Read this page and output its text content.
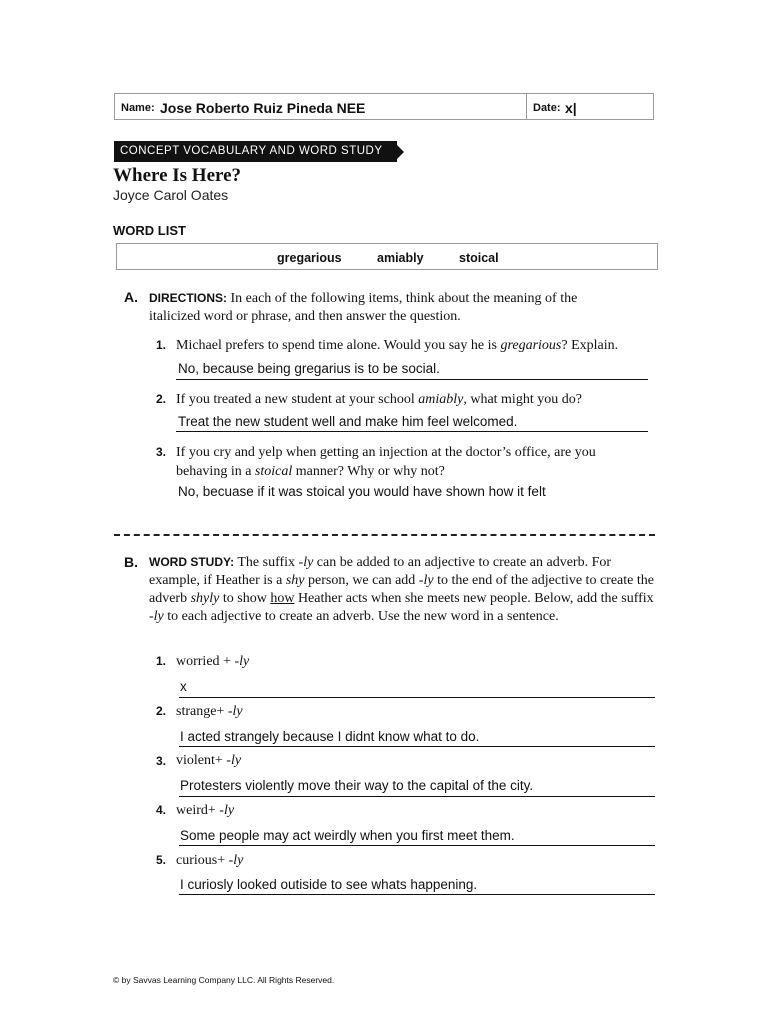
Name: Jose Roberto Ruiz Pineda NEE	Date: x|
CONCEPT VOCABULARY AND WORD STUDY
Where Is Here?
Joyce Carol Oates
WORD LIST
gregarious	amiably	stoical
A. DIRECTIONS: In each of the following items, think about the meaning of the italicized word or phrase, and then answer the question.
1. Michael prefers to spend time alone. Would you say he is gregarious? Explain.
No, because being gregarius is to be social.
2. If you treated a new student at your school amiably, what might you do?
Treat the new student well and make him feel welcomed.
3. If you cry and yelp when getting an injection at the doctor’s office, are you behaving in a stoical manner? Why or why not?
No, becuase if it was stoical you would have shown how it felt
B. WORD STUDY: The suffix -ly can be added to an adjective to create an adverb. For example, if Heather is a shy person, we can add -ly to the end of the adjective to create the adverb shyly to show how Heather acts when she meets new people. Below, add the suffix -ly to each adjective to create an adverb. Use the new word in a sentence.
1. worried + -ly
x
2. strange+ -ly
I acted strangely because I didnt know what to do.
3. violent+ -ly
Protesters violently move their way to the capital of the city.
4. weird+ -ly
Some people may act weirdly when you first meet them.
5. curious+ -ly
I curiosly looked outiside to see whats happening.
© by Savvas Learning Company LLC. All Rights Reserved.
